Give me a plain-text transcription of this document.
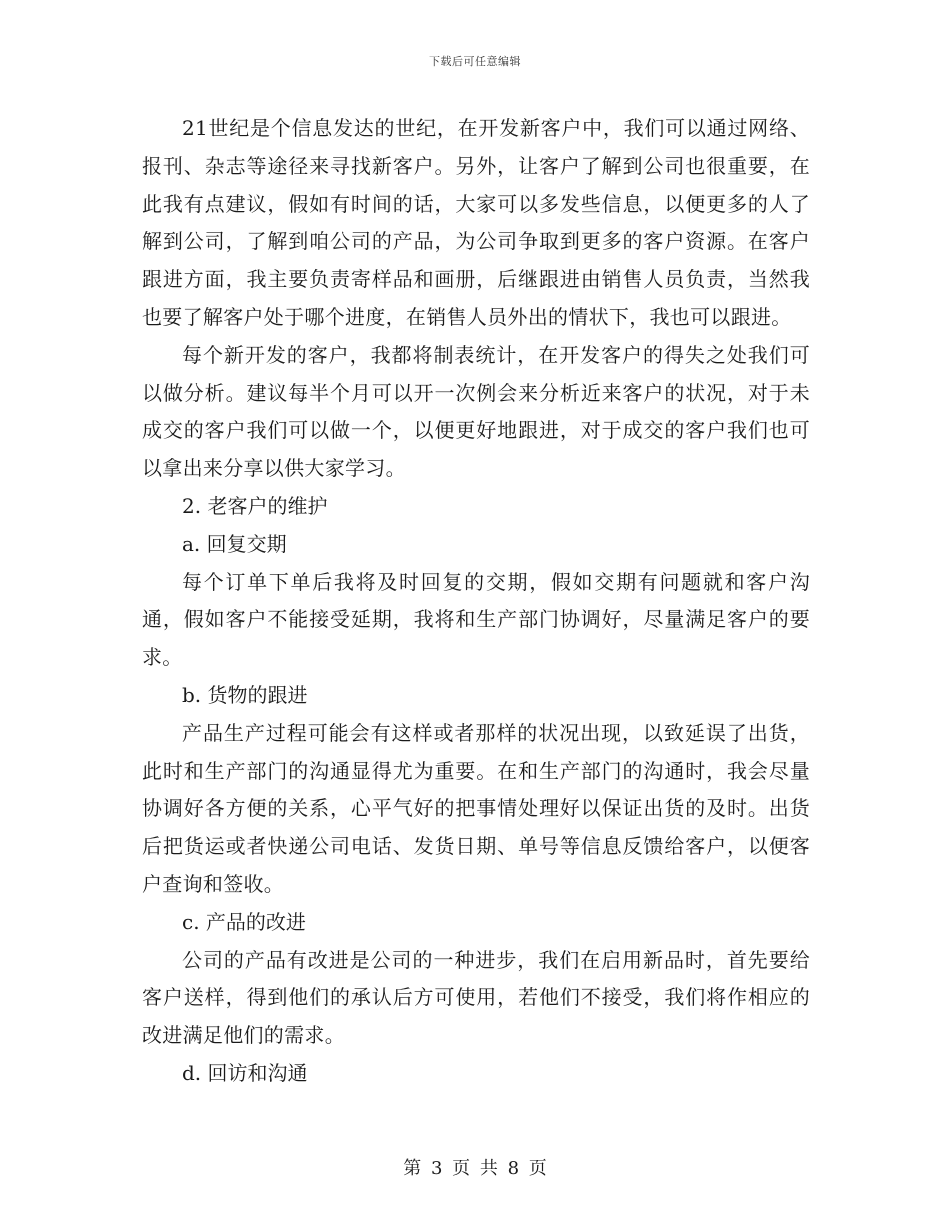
下载后可任意编辑

21世纪是个信息发达的世纪，在开发新客户中，我们可以通过网络、报刊、杂志等途径来寻找新客户。另外，让客户了解到公司也很重要，在此我有点建议，假如有时间的话，大家可以多发些信息，以便更多的人了解到公司，了解到咱公司的产品，为公司争取到更多的客户资源。在客户跟进方面，我主要负责寄样品和画册，后继跟进由销售人员负责，当然我也要了解客户处于哪个进度，在销售人员外出的情状下，我也可以跟进。

每个新开发的客户，我都将制表统计，在开发客户的得失之处我们可以做分析。建议每半个月可以开一次例会来分析近来客户的状况，对于未成交的客户我们可以做一个，以便更好地跟进，对于成交的客户我们也可以拿出来分享以供大家学习。

2. 老客户的维护

a. 回复交期

每个订单下单后我将及时回复的交期，假如交期有问题就和客户沟通，假如客户不能接受延期，我将和生产部门协调好，尽量满足客户的要求。

b. 货物的跟进

产品生产过程可能会有这样或者那样的状况出现，以致延误了出货，此时和生产部门的沟通显得尤为重要。在和生产部门的沟通时，我会尽量协调好各方便的关系，心平气好的把事情处理好以保证出货的及时。出货后把货运或者快递公司电话、发货日期、单号等信息反馈给客户，以便客户查询和签收。

c. 产品的改进

公司的产品有改进是公司的一种进步，我们在启用新品时，首先要给客户送样，得到他们的承认后方可使用，若他们不接受，我们将作相应的改进满足他们的需求。

d. 回访和沟通

第 3 页 共 8 页
